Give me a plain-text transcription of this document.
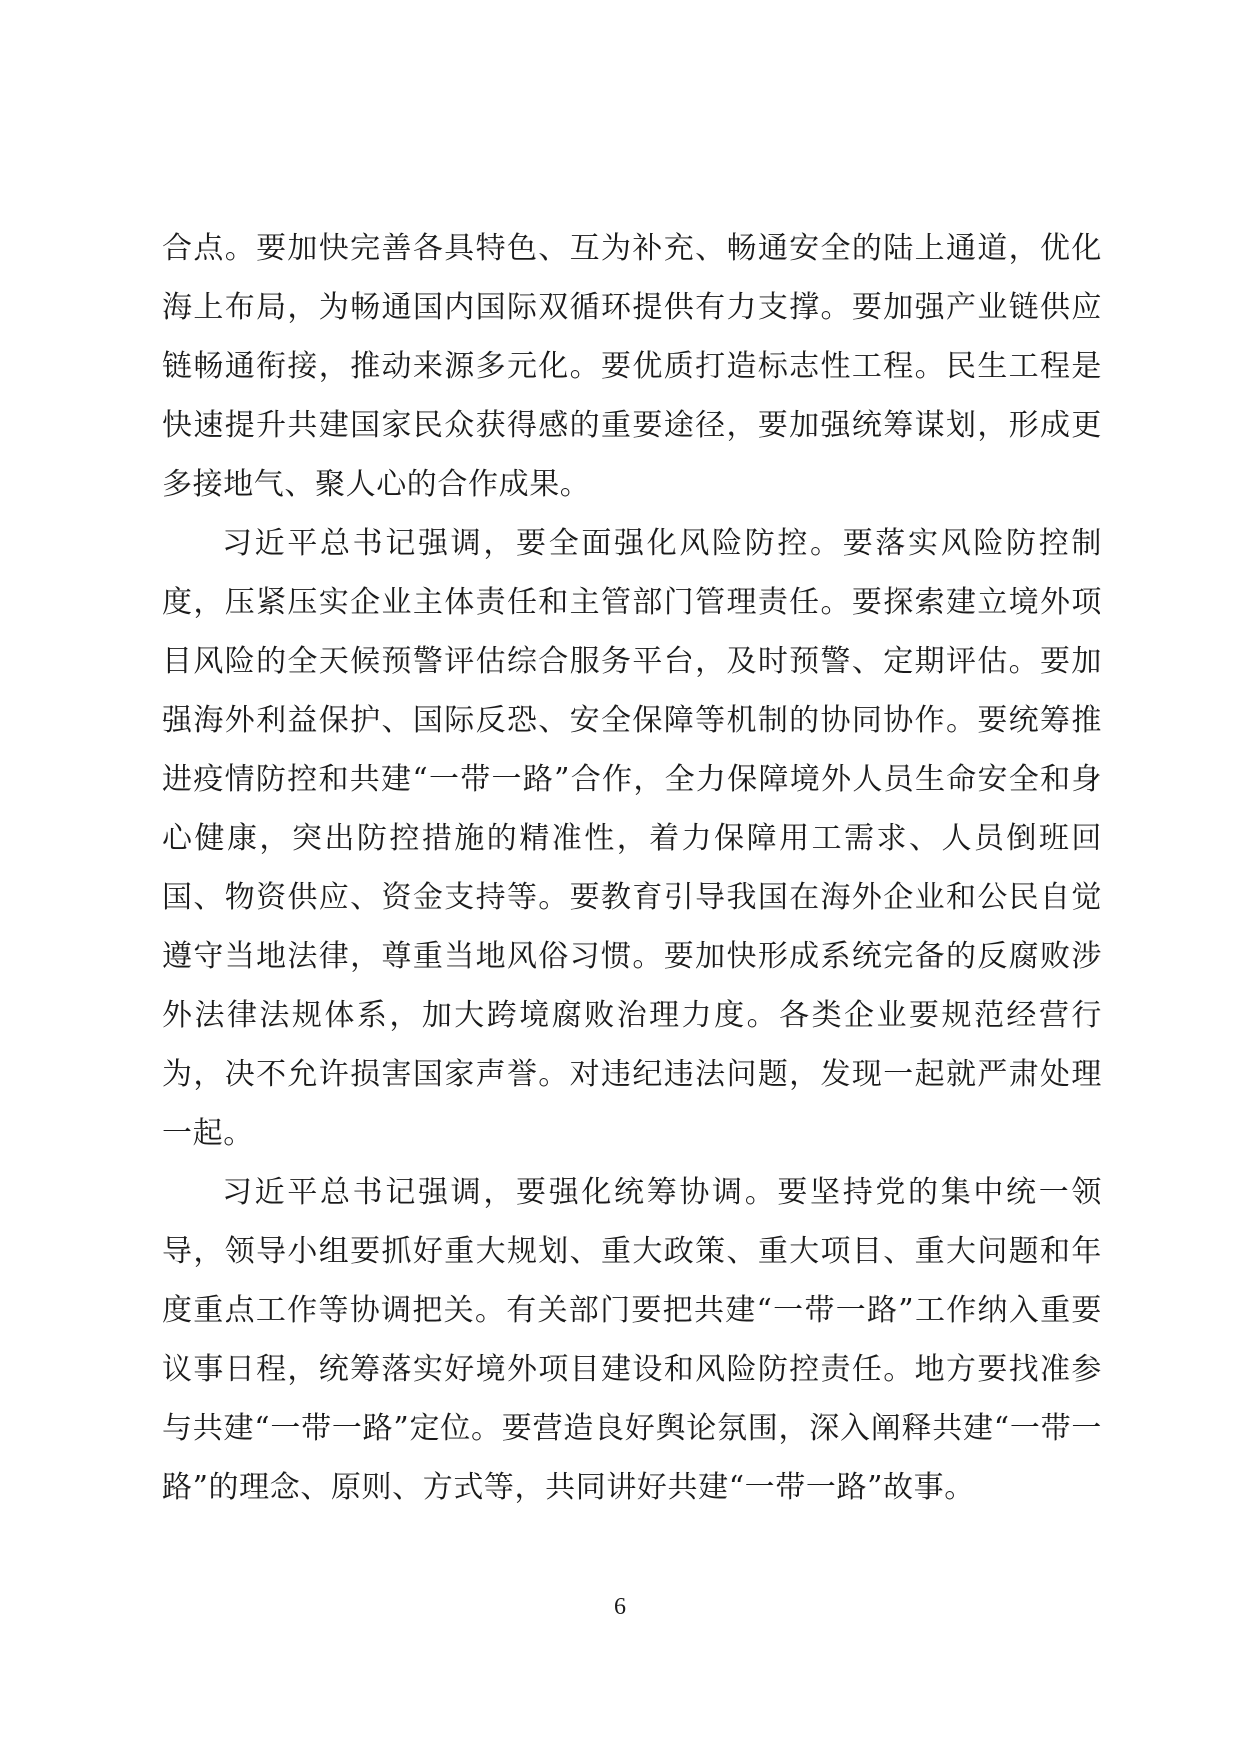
合点。要加快完善各具特色、互为补充、畅通安全的陆上通道，优化海上布局，为畅通国内国际双循环提供有力支撑。要加强产业链供应链畅通衔接，推动来源多元化。要优质打造标志性工程。民生工程是快速提升共建国家民众获得感的重要途径，要加强统筹谋划，形成更多接地气、聚人心的合作成果。

习近平总书记强调，要全面强化风险防控。要落实风险防控制度，压紧压实企业主体责任和主管部门管理责任。要探索建立境外项目风险的全天候预警评估综合服务平台，及时预警、定期评估。要加强海外利益保护、国际反恐、安全保障等机制的协同协作。要统筹推进疫情防控和共建“一带一路”合作，全力保障境外人员生命安全和身心健康，突出防控措施的精准性，着力保障用工需求、人员倒班回国、物资供应、资金支持等。要教育引导我国在海外企业和公民自觉遵守当地法律，尊重当地风俗习惯。要加快形成系统完备的反腐败涉外法律法规体系，加大跨境腐败治理力度。各类企业要规范经营行为，决不允许损害国家声誉。对违纪违法问题，发现一起就严肃处理一起。

习近平总书记强调，要强化统筹协调。要坚持党的集中统一领导，领导小组要抓好重大规划、重大政策、重大项目、重大问题和年度重点工作等协调把关。有关部门要把共建“一带一路”工作纳入重要议事日程，统筹落实好境外项目建设和风险防控责任。地方要找准参与共建“一带一路”定位。要营造良好舆论氛围，深入阐释共建“一带一路”的理念、原则、方式等，共同讲好共建“一带一路”故事。

6
